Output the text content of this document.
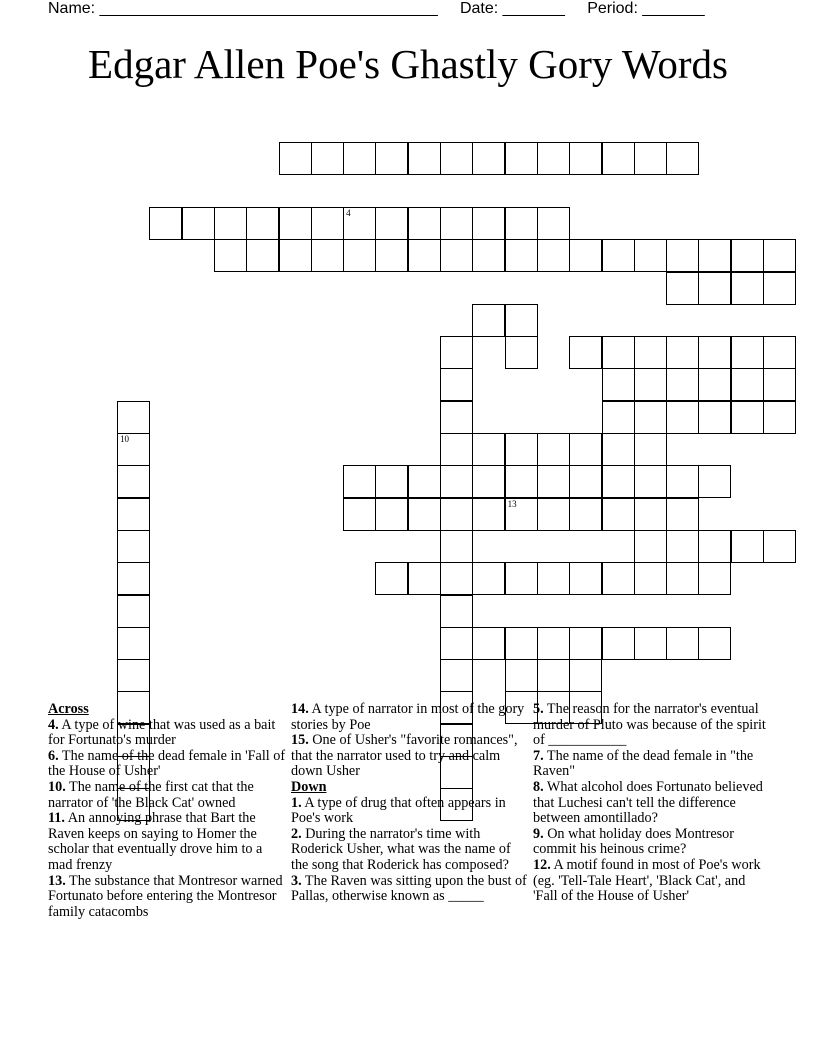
Name: ______________________________________ Date: _______ Period: _______
Edgar Allen Poe's Ghastly Gory Words
10
4
13
Across
4. A type of wine that was used as a bait for Fortunato's murder
6. The name of the dead female in 'Fall of the House of Usher'
10. The name of the first cat that the narrator of 'the Black Cat' owned
11. An annoying phrase that Bart the Raven keeps on saying to Homer the scholar that eventually drove him to a mad frenzy
13. The substance that Montresor warned Fortunato before entering the Montresor family catacombs
14. A type of narrator in most of the gory stories by Poe
15. One of Usher's "favorite romances", that the narrator used to try and calm down Usher
Down
1. A type of drug that often appears in Poe's work
2. During the narrator's time with Roderick Usher, what was the name of the song that Roderick has composed?
3. The Raven was sitting upon the bust of Pallas, otherwise known as _____
5. The reason for the narrator's eventual murder of Pluto was because of the spirit of ___________
7. The name of the dead female in "the Raven"
8. What alcohol does Fortunato believed that Luchesi can't tell the difference between amontillado?
9. On what holiday does Montresor commit his heinous crime?
12. A motif found in most of Poe's work (eg. 'Tell-Tale Heart', 'Black Cat', and 'Fall of the House of Usher'
